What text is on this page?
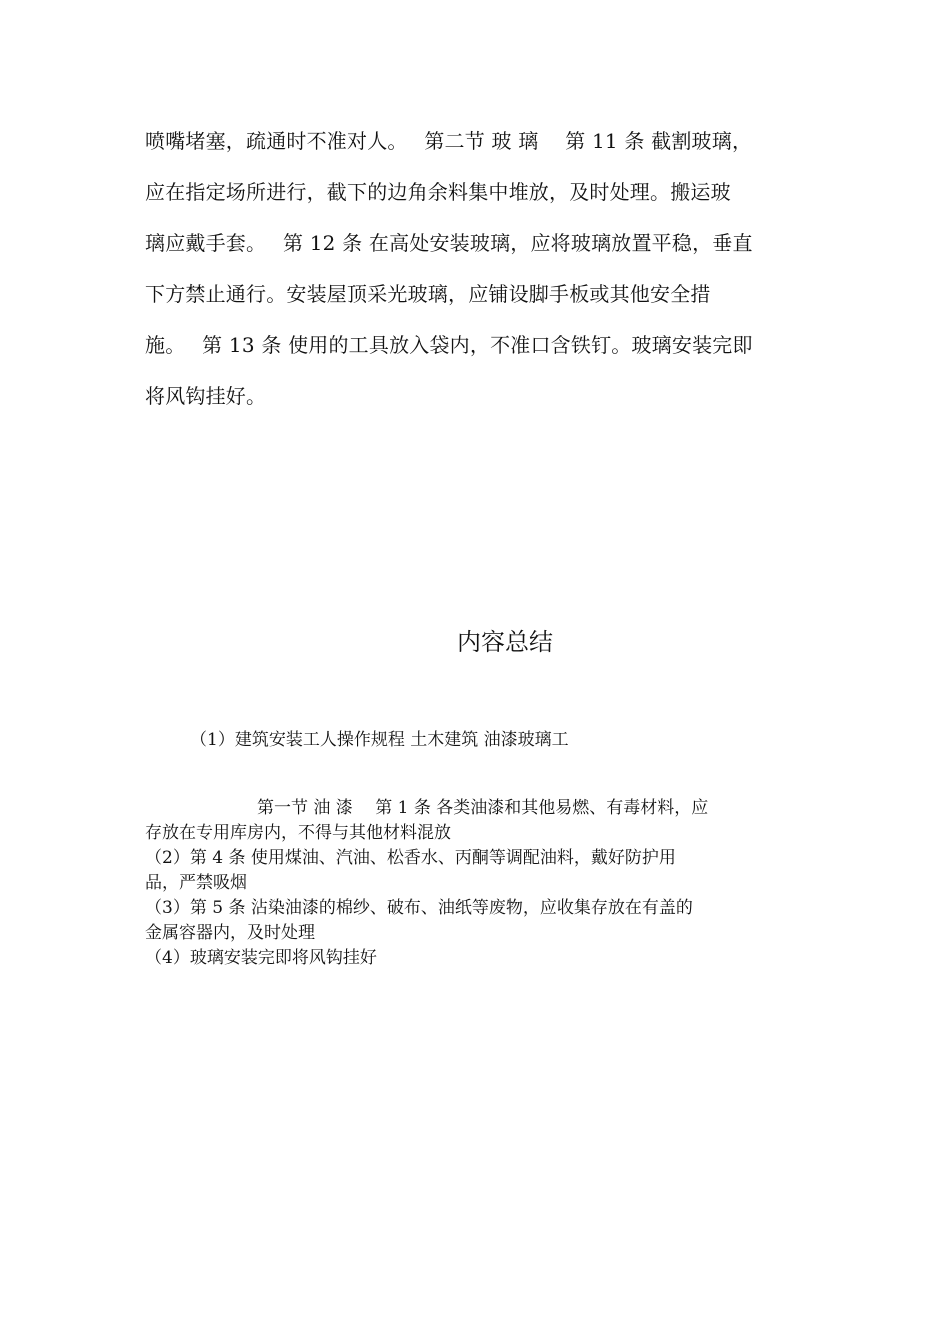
喷嘴堵塞，疏通时不准对人。　 第二节 玻 璃　 第 11 条 截割玻璃，
应在指定场所进行，截下的边角余料集中堆放，及时处理。搬运玻
璃应戴手套。　 第 12 条 在高处安装玻璃，应将玻璃放置平稳，垂直
下方禁止通行。安装屋顶采光玻璃，应铺设脚手板或其他安全措
施。　 第 13 条 使用的工具放入袋内，不准口含铁钉。玻璃安装完即
将风钩挂好。
内容总结
（1）建筑安装工人操作规程 土木建筑 油漆玻璃工
第一节 油 漆　 第 1 条 各类油漆和其他易燃、有毒材料，应
存放在专用库房内，不得与其他材料混放
（2）第 4 条 使用煤油、汽油、松香水、丙酮等调配油料，戴好防护用
品，严禁吸烟
（3）第 5 条 沾染油漆的棉纱、破布、油纸等废物，应收集存放在有盖的
金属容器内，及时处理
（4）玻璃安装完即将风钩挂好
